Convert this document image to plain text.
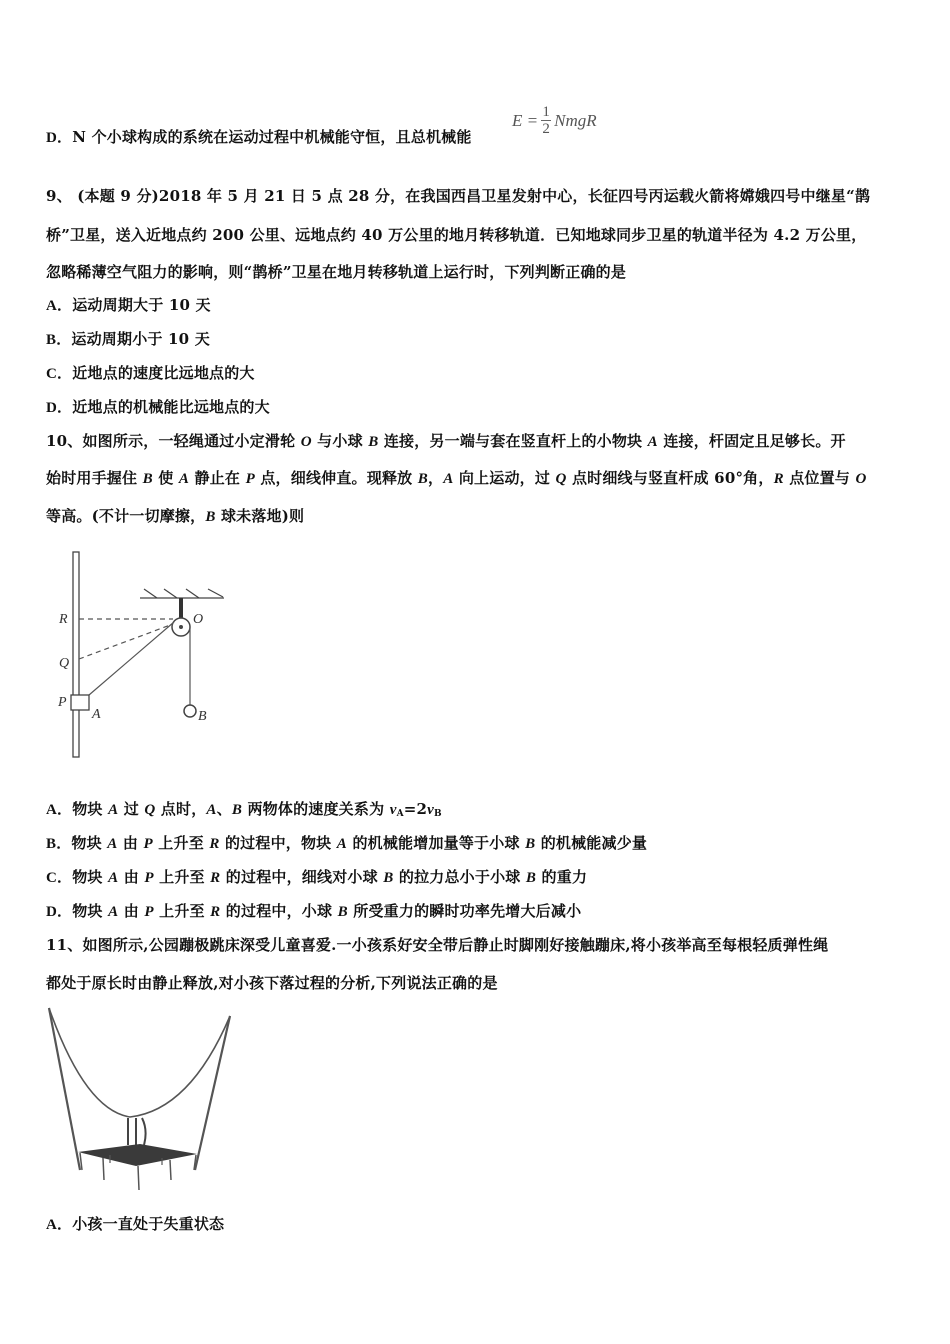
D．N 个小球构成的系统在运动过程中机械能守恒，且总机械能
$E = \frac{1}{2}$ NmgR
9、 (本题 9 分)2018 年 5 月 21 日 5 点 28 分，在我国西昌卫星发射中心，长征四号丙运载火箭将嫦娥四号中继星“鹊
桥”卫星，送入近地点约 200 公里、远地点约 40 万公里的地月转移轨道．已知地球同步卫星的轨道半径为 4.2 万公里，
忽略稀薄空气阻力的影响，则“鹊桥”卫星在地月转移轨道上运行时，下列判断正确的是
A．运动周期大于 10 天
B．运动周期小于 10 天
C．近地点的速度比远地点的大
D．近地点的机械能比远地点的大
10、如图所示，一轻绳通过小定滑轮 O 与小球 B 连接，另一端与套在竖直杆上的小物块 A 连接，杆固定且足够长。开
始时用手握住 B 使 A 静止在 P 点，细线伸直。现释放 B，A 向上运动，过 Q 点时细线与竖直杆成 60°角，R 点位置与 O
等高。(不计一切摩擦，B 球未落地)则
R
Q
P
A
O
B
A．物块 A 过 Q 点时，A、B 两物体的速度关系为 $v_A=2v_B$
B．物块 A 由 P 上升至 R 的过程中，物块 A 的机械能增加量等于小球 B 的机械能减少量
C．物块 A 由 P 上升至 R 的过程中，细线对小球 B 的拉力总小于小球 B 的重力
D．物块 A 由 P 上升至 R 的过程中，小球 B 所受重力的瞬时功率先增大后减小
11、如图所示,公园蹦极跳床深受儿童喜爱.一小孩系好安全带后静止时脚刚好接触蹦床,将小孩举高至每根轻质弹性绳
都处于原长时由静止释放,对小孩下落过程的分析,下列说法正确的是
A．小孩一直处于失重状态
